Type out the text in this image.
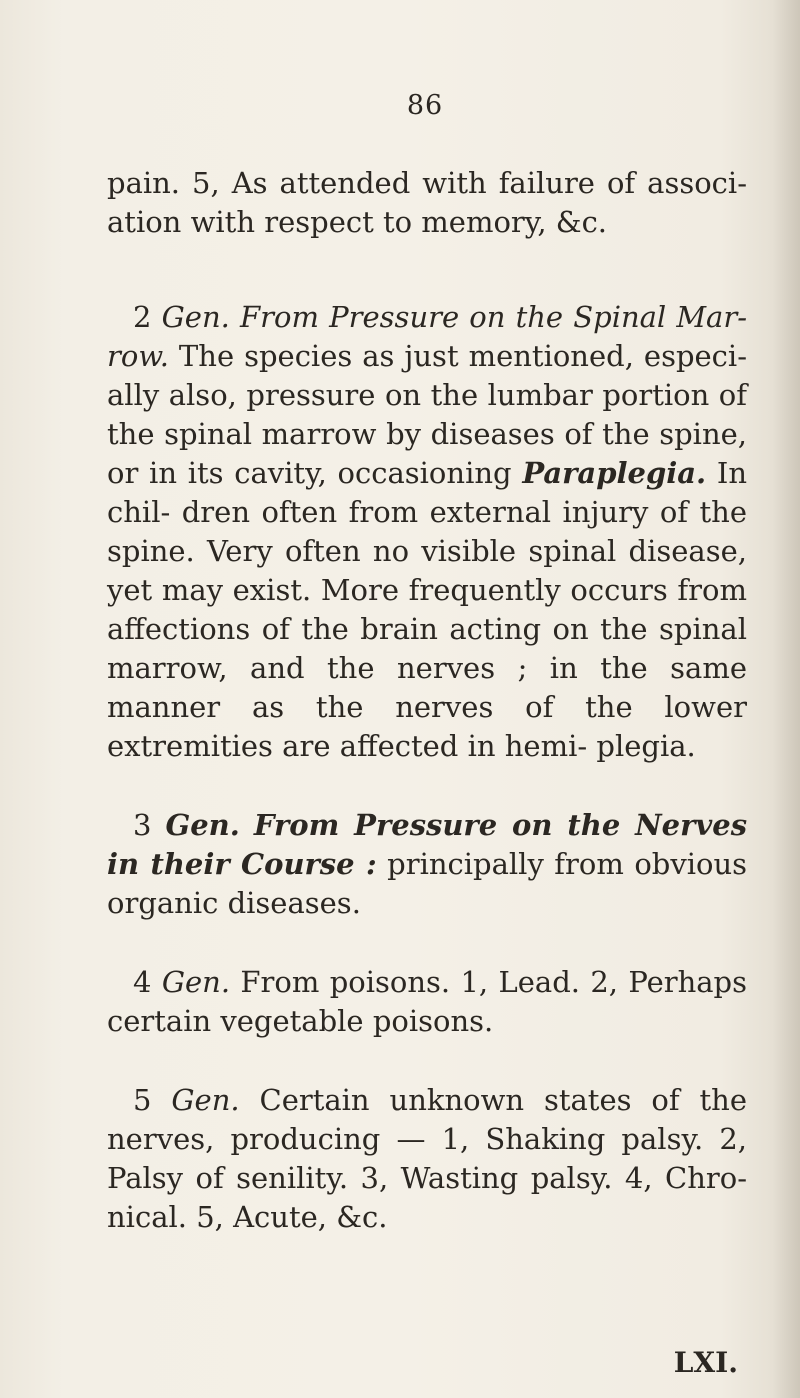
86

pain. 5, As attended with failure of associ- ation with respect to memory, &c.

2 Gen. From Pressure on the Spinal Mar- row. The species as just mentioned, especi- ally also, pressure on the lumbar portion of the spinal marrow by diseases of the spine, or in its cavity, occasioning Paraplegia. In chil- dren often from external injury of the spine. Very often no visible spinal disease, yet may exist. More frequently occurs from affections of the brain acting on the spinal marrow, and the nerves ; in the same manner as the nerves of the lower extremities are affected in hemi- plegia.

3 Gen. From Pressure on the Nerves in their Course : principally from obvious organic diseases.

4 Gen. From poisons. 1, Lead. 2, Perhaps certain vegetable poisons.

5 Gen. Certain unknown states of the nerves, producing — 1, Shaking palsy. 2, Palsy of senility. 3, Wasting palsy. 4, Chro- nical. 5, Acute, &c.

LXI.
